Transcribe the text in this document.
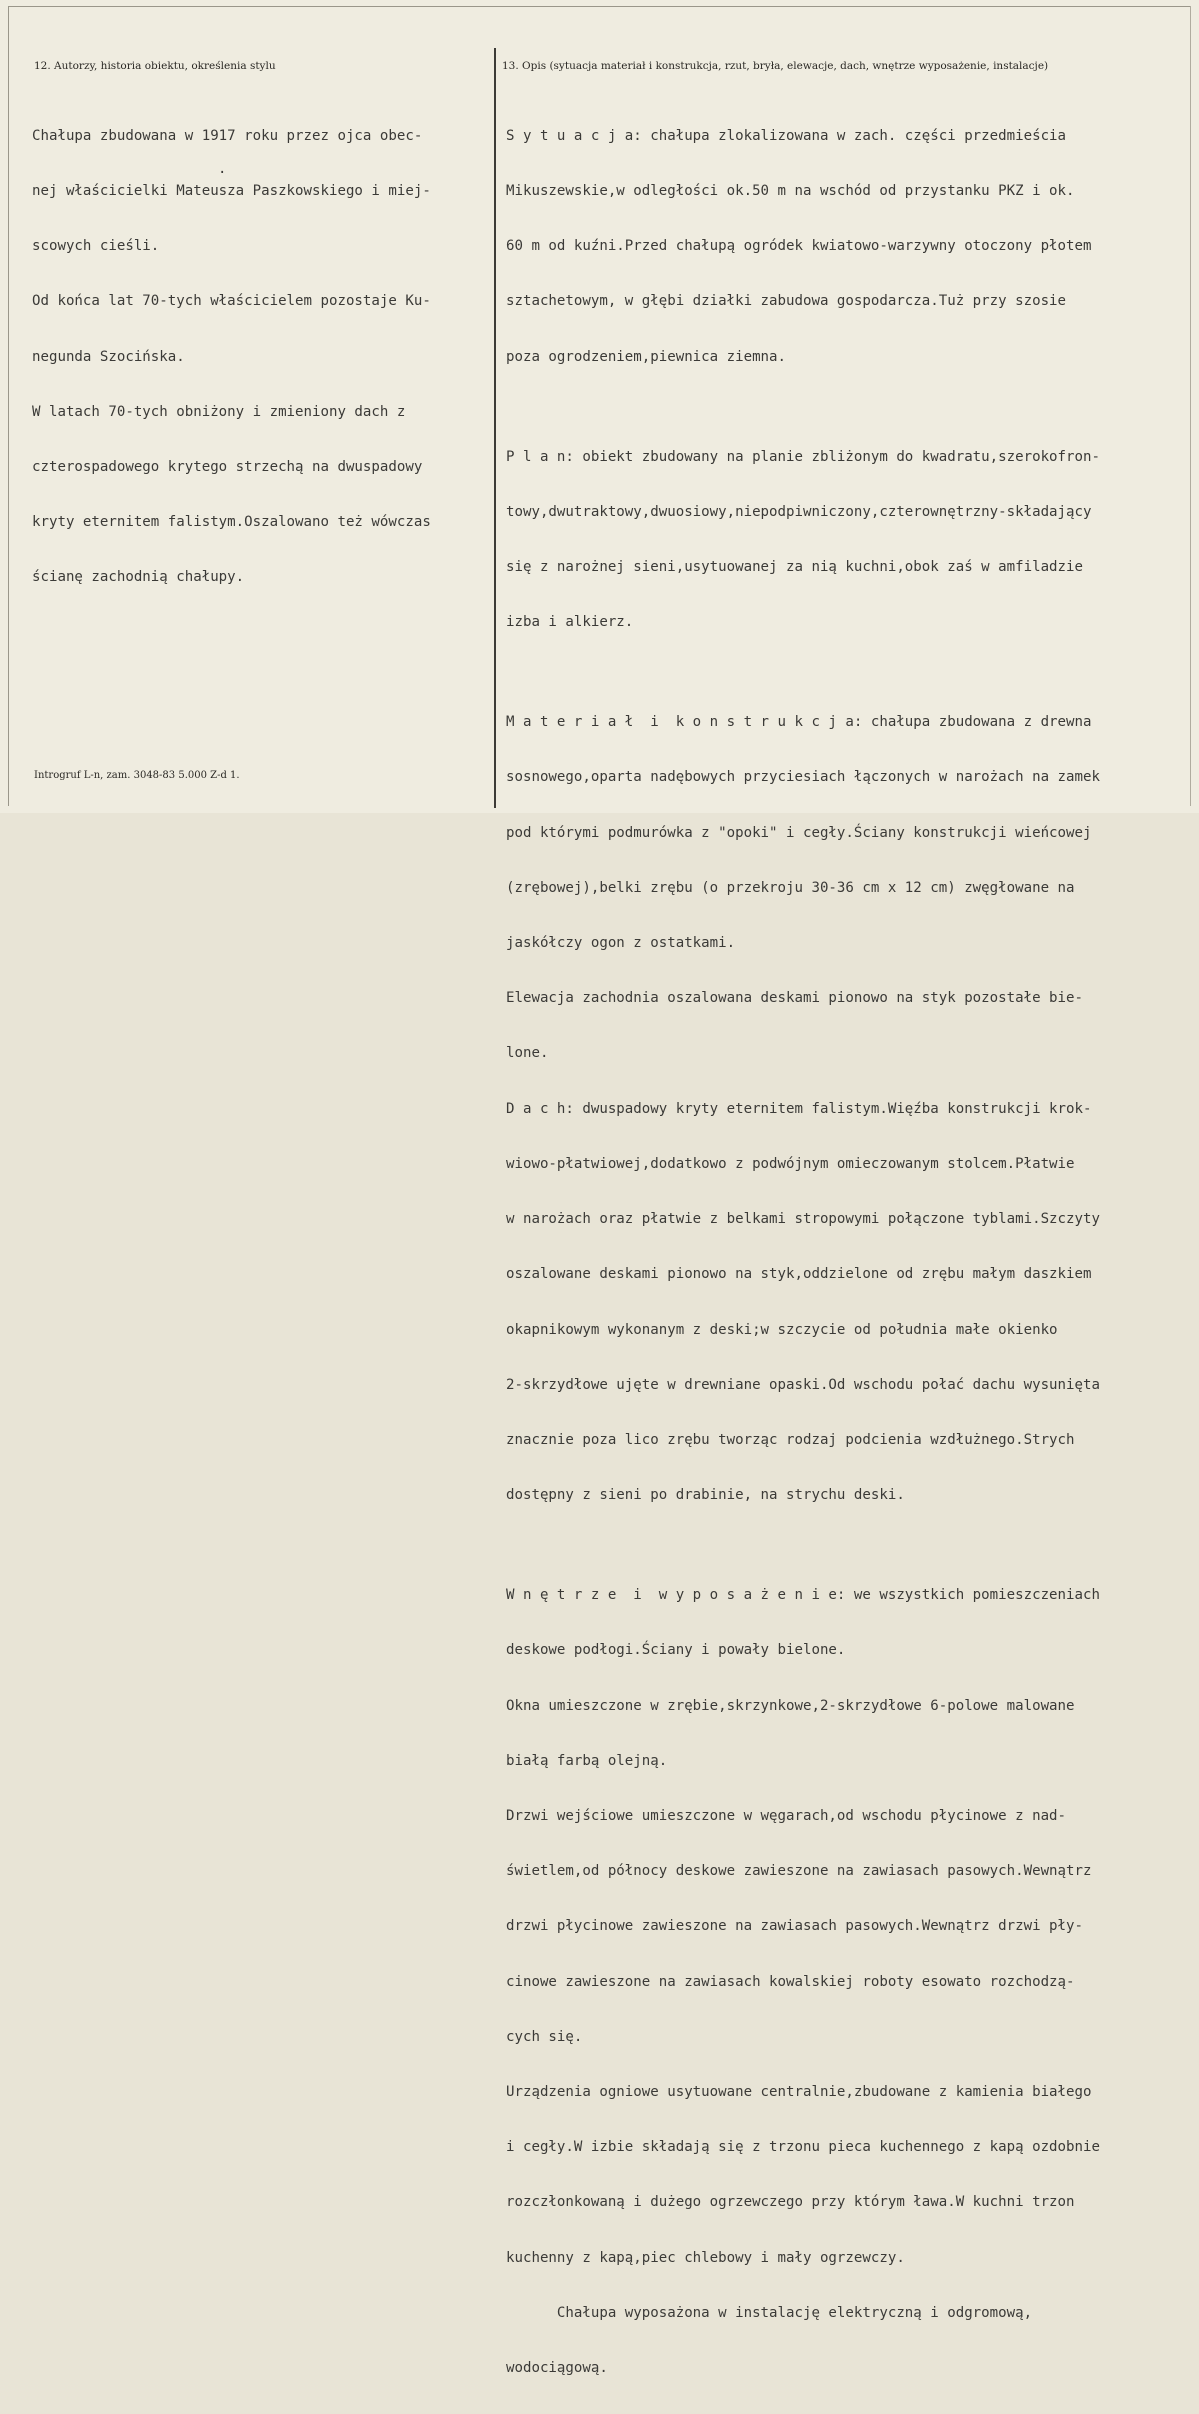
12. Autorzy, historia obiektu, określenia stylu	13. Opis (sytuacja materiał i konstrukcja, rzut, bryła, elewacje, dach, wnętrze wyposażenie, instalacje)

Chałupa zbudowana w 1917 roku przez ojca obec-

nej właścicielki Mateusza Paszkowskiego i miej-

scowych cieśli.

Od końca lat 70-tych właścicielem pozostaje Ku-

negunda Szocińska.

W latach 70-tych obniżony i zmieniony dach z

czterospadowego krytego strzechą na dwuspadowy

kryty eternitem falistym.Oszalowano też wówczas

ścianę zachodnią chałupy.

.

S y t u a c j a: chałupa zlokalizowana w zach. części przedmieścia

Mikuszewskie,w odległości ok.50 m na wschód od przystanku PKZ i ok.

60 m od kuźni.Przed chałupą ogródek kwiatowo-warzywny otoczony płotem

sztachetowym, w głębi działki zabudowa gospodarcza.Tuż przy szosie

poza ogrodzeniem,piewnica ziemna.

P l a n: obiekt zbudowany na planie zbliżonym do kwadratu,szerokofron-

towy,dwutraktowy,dwuosiowy,niepodpiwniczony,czterownętrzny-składający

się z narożnej sieni,usytuowanej za nią kuchni,obok zaś w amfiladzie

izba i alkierz.

M a t e r i a ł  i  k o n s t r u k c j a: chałupa zbudowana z drewna

sosnowego,oparta nadębowych przyciesiach łączonych w narożach na zamek

pod którymi podmurówka z "opoki" i cegły.Ściany konstrukcji wieńcowej

(zrębowej),belki zrębu (o przekroju 30-36 cm x 12 cm) zwęgłowane na

jaskółczy ogon z ostatkami.

Elewacja zachodnia oszalowana deskami pionowo na styk pozostałe bie-

lone.

D a c h: dwuspadowy kryty eternitem falistym.Więźba konstrukcji krok-

wiowo-płatwiowej,dodatkowo z podwójnym omieczowanym stolcem.Płatwie

w narożach oraz płatwie z belkami stropowymi połączone tyblami.Szczyty

oszalowane deskami pionowo na styk,oddzielone od zrębu małym daszkiem

okapnikowym wykonanym z deski;w szczycie od południa małe okienko

2-skrzydłowe ujęte w drewniane opaski.Od wschodu połać dachu wysunięta

znacznie poza lico zrębu tworząc rodzaj podcienia wzdłużnego.Strych

dostępny z sieni po drabinie, na strychu deski.

W n ę t r z e  i  w y p o s a ż e n i e: we wszystkich pomieszczeniach

deskowe podłogi.Ściany i powały bielone.

Okna umieszczone w zrębie,skrzynkowe,2-skrzydłowe 6-polowe malowane

białą farbą olejną.

Drzwi wejściowe umieszczone w węgarach,od wschodu płycinowe z nad-

świetlem,od północy deskowe zawieszone na zawiasach pasowych.Wewnątrz

drzwi płycinowe zawieszone na zawiasach pasowych.Wewnątrz drzwi pły-

cinowe zawieszone na zawiasach kowalskiej roboty esowato rozchodzą-

cych się.

Urządzenia ogniowe usytuowane centralnie,zbudowane z kamienia białego

i cegły.W izbie składają się z trzonu pieca kuchennego z kapą ozdobnie

rozczłonkowaną i dużego ogrzewczego przy którym ława.W kuchni trzon

kuchenny z kapą,piec chlebowy i mały ogrzewczy.

Chałupa wyposażona w instalację elektryczną i odgromową,

wodociągową.

Introgruf L-n, zam. 3048-83 5.000 Z-d 1.
